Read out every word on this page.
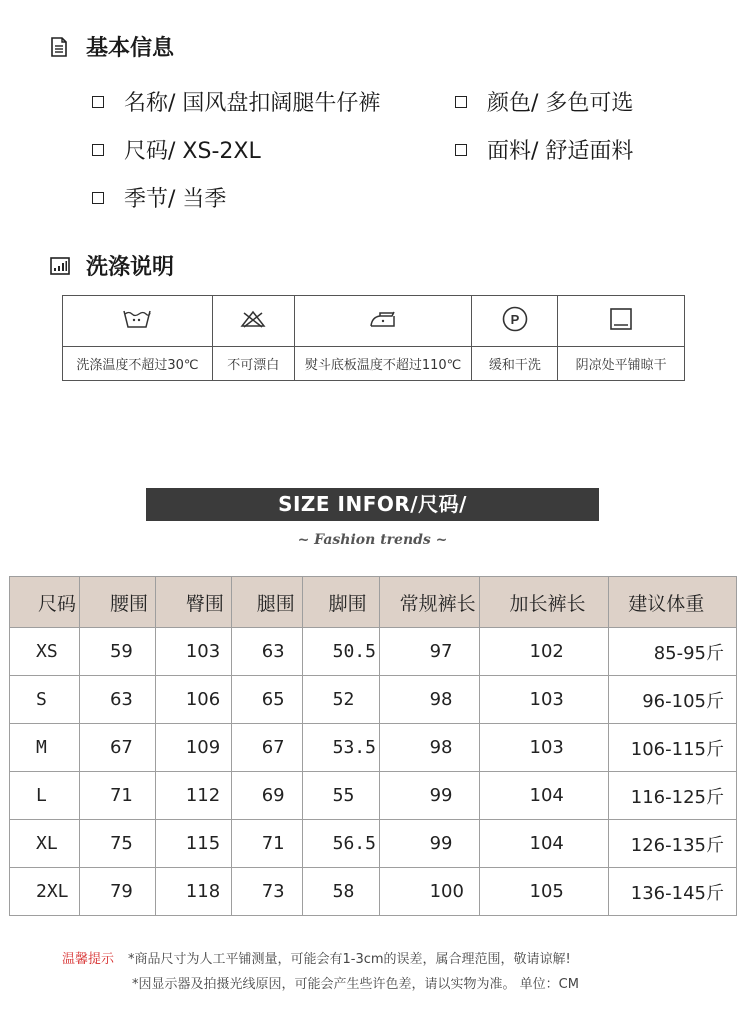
基本信息
名称/ 国风盘扣阔腿牛仔裤	颜色/ 多色可选
尺码/ XS-2XL	面料/ 舒适面料
季节/ 当季
洗涤说明

P

洗涤温度不超过30℃	不可漂白	熨斗底板温度不超过110℃	缓和干洗	阴凉处平铺晾干
SIZE INFOR/尺码/
~ Fashion trends ~
尺码	腰围	臀围	腿围	脚围	常规裤长	加长裤长	建议体重
XS	59	103	63	50.5	97	102	85-95斤
S	63	106	65	52	98	103	96-105斤
M	67	109	67	53.5	98	103	106-115斤
L	71	112	69	55	99	104	116-125斤
XL	75	115	71	56.5	99	104	126-135斤
2XL	79	118	73	58	100	105	136-145斤
温馨提示 *商品尺寸为人工平铺测量，可能会有1-3cm的误差，属合理范围，敬请谅解!
*因显示器及拍摄光线原因，可能会产生些许色差，请以实物为准。 单位：CM
